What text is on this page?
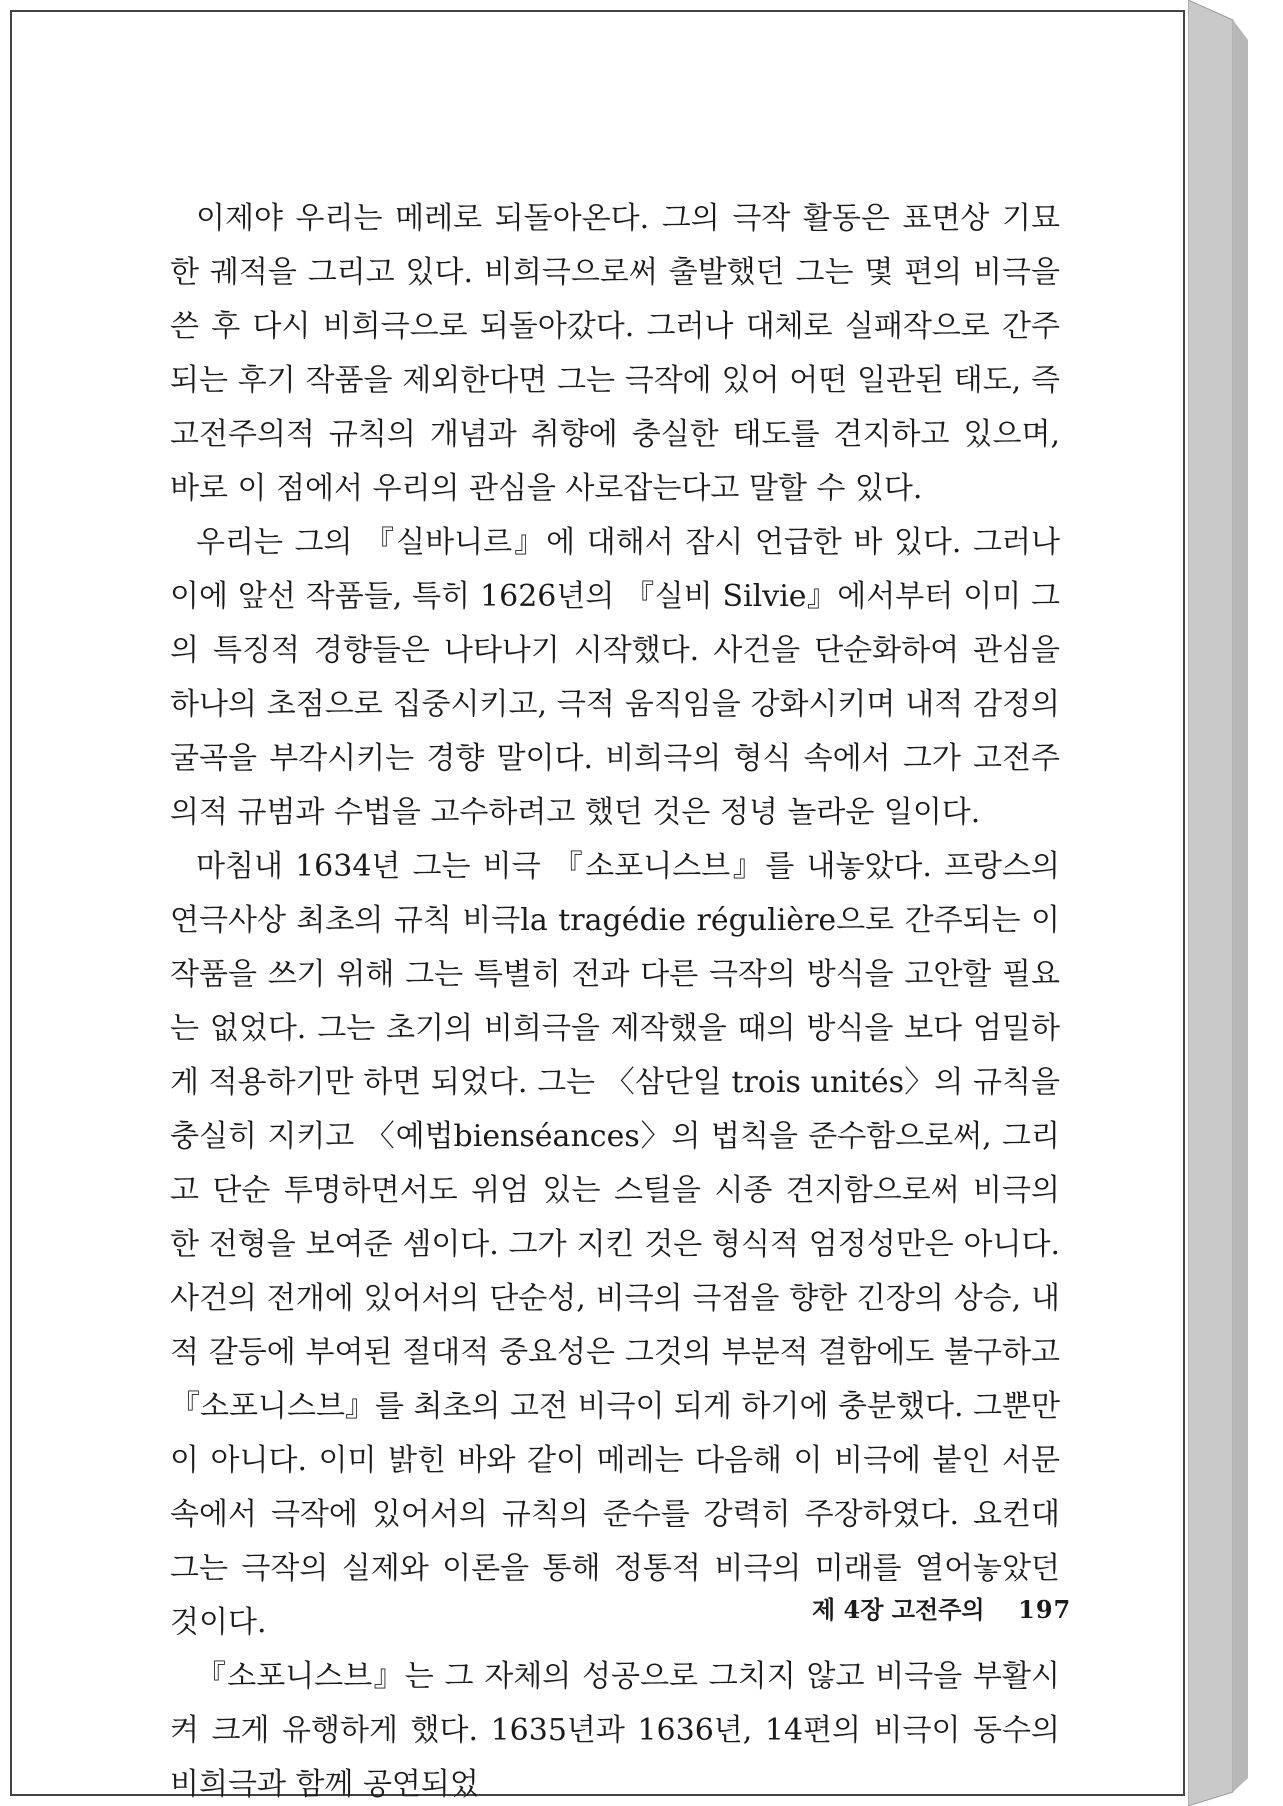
이제야 우리는 메레로 되돌아온다. 그의 극작 활동은 표면상 기묘한 궤적을 그리고 있다. 비희극으로써 출발했던 그는 몇 편의 비극을 쓴 후 다시 비희극으로 되돌아갔다. 그러나 대체로 실패작으로 간주되는 후기 작품을 제외한다면 그는 극작에 있어 어떤 일관된 태도, 즉 고전주의적 규칙의 개념과 취향에 충실한 태도를 견지하고 있으며, 바로 이 점에서 우리의 관심을 사로잡는다고 말할 수 있다.

우리는 그의 『실바니르』에 대해서 잠시 언급한 바 있다. 그러나 이에 앞선 작품들, 특히 1626년의 『실비 Silvie』에서부터 이미 그의 특징적 경향들은 나타나기 시작했다. 사건을 단순화하여 관심을 하나의 초점으로 집중시키고, 극적 움직임을 강화시키며 내적 감정의 굴곡을 부각시키는 경향 말이다. 비희극의 형식 속에서 그가 고전주의적 규범과 수법을 고수하려고 했던 것은 정녕 놀라운 일이다.

마침내 1634년 그는 비극 『소포니스브』를 내놓았다. 프랑스의 연극사상 최초의 규칙 비극la tragédie régulière으로 간주되는 이 작품을 쓰기 위해 그는 특별히 전과 다른 극작의 방식을 고안할 필요는 없었다. 그는 초기의 비희극을 제작했을 때의 방식을 보다 엄밀하게 적용하기만 하면 되었다. 그는 〈삼단일 trois unités〉의 규칙을 충실히 지키고 〈예법bienséances〉의 법칙을 준수함으로써, 그리고 단순 투명하면서도 위엄 있는 스틸을 시종 견지함으로써 비극의 한 전형을 보여준 셈이다. 그가 지킨 것은 형식적 엄정성만은 아니다. 사건의 전개에 있어서의 단순성, 비극의 극점을 향한 긴장의 상승, 내적 갈등에 부여된 절대적 중요성은 그것의 부분적 결함에도 불구하고 『소포니스브』를 최초의 고전 비극이 되게 하기에 충분했다. 그뿐만이 아니다. 이미 밝힌 바와 같이 메레는 다음해 이 비극에 붙인 서문 속에서 극작에 있어서의 규칙의 준수를 강력히 주장하였다. 요컨대 그는 극작의 실제와 이론을 통해 정통적 비극의 미래를 열어놓았던 것이다.

『소포니스브』는 그 자체의 성공으로 그치지 않고 비극을 부활시켜 크게 유행하게 했다. 1635년과 1636년, 14편의 비극이 동수의 비희극과 함께 공연되었

제 4장 고전주의 197
